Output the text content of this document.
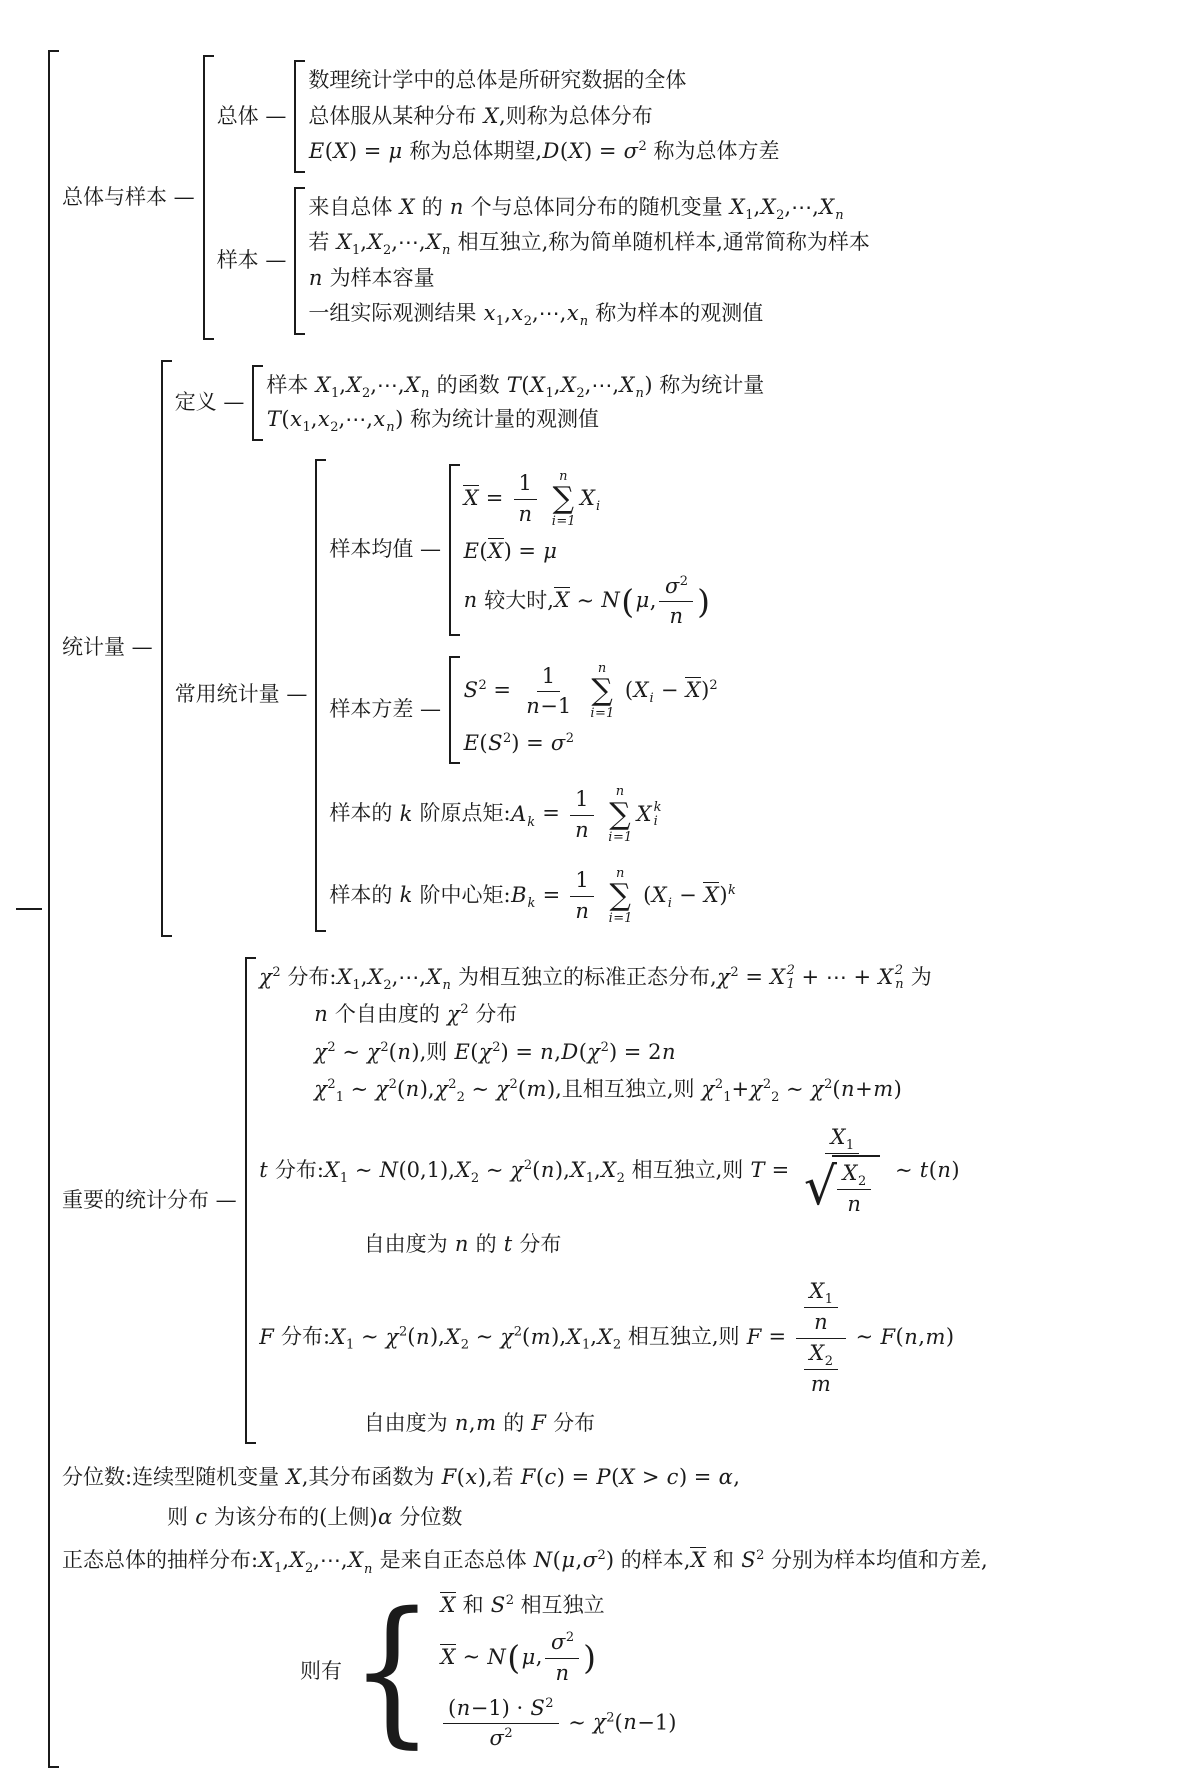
总体与样本 —
总体 —
数理统计学中的总体是所研究数据的全体
总体服从某种分布 X,则称为总体分布
E(X) = μ 称为总体期望$,D(X) = \sigma^2$ 称为总体方差
样本 —
来自总体 X 的 n 个与总体同分布的随机变量 $X_1,X_2,\cdots,X_n$
若 $X_1,X_2,\cdots,X_n$ 相互独立,称为简单随机样本,通常简称为样本
n 为样本容量
一组实际观测结果 $x_1,x_2,\cdots,x_n$ 称为样本的观测值
统计量 —
定义 —
样本 $X_1,X_2,\cdots,X_n$ 的函数 $T(X_1,X_2,\cdots,X_n)$ 称为统计量
$T(x_1,x_2,\cdots,x_n)$ 称为统计量的观测值
常用统计量 —
样本均值 —
$X = \frac{1}{n}$
n
∑
i=1
$X_i$
E(X) = μ
n 较大时,X ∼ N(μ, $\frac{\sigma^2}{n}$ )
样本方差 —
$S^2 = \frac{1}{n-1}$
n
∑
i=1
$(X_i - X)^2$
$E(S^2) = \sigma^2$
样本的 k 阶原点矩$:A_k = \frac{1}{n}$
n
∑
i=1
X k
i
样本的 k 阶中心矩$:B_k = \frac{1}{n}$
n
∑
i=1
$(X_i - X)^k$
重要的统计分布 —
$\chi^2$ 分布$:X_1,X_2,\cdots,X_n$ 为相互独立的标准正态分布$,\chi^2 = X$ 2
1 + ⋯ + X 2
n 为
n 个自由度的 $\chi^2$ 分布
$\chi^2$ ∼ $\chi^2(n)$,则 $E(\chi^2) = n,D(\chi^2) = 2n$
$\chi^2_1$ ∼ $\chi^2(n),\chi^2_2$ ∼ $\chi^2(m)$,且相互独立,则 $\chi^2_1+\chi^2_2$ ∼ $\chi^2(n+m)$
t 分布$:X_1$ ∼ $N(0,1),X_2$ ∼ $\chi^2(n),X_1,X_2$ 相互独立,则 $T = \frac{X_1}{√ \frac{X_2}{n}}$ ∼ t(n)
自由度为 n 的 t 分布
F 分布$:X_1$ ∼ $\chi^2(n),X_2$ ∼ $\chi^2(m),X_1,X_2$ 相互独立,则 $F = \frac{\frac{X_1}{n}}{\frac{X_2}{m}}$ ∼ F(n,m)
自由度为 n,m 的 F 分布
分位数:连续型随机变量 X,其分布函数为 F(x),若 F(c) = P(X > c) = α,
则 c 为该分布的(上侧)α 分位数
正态总体的抽样分布$:X_1,X_2,\cdots,X_n$ 是来自正态总体 $N(\mu,\sigma^2)$ 的样本,X 和 $S^2$ 分别为样本均值和方差,
则有 { X 和 $S^2$ 相互独立
X ∼ N(μ, $\frac{\sigma^2}{n}$ )
$\frac{(n-1) \cdot S^2}{\sigma^2}$ ∼ $\chi^2(n-1)$
